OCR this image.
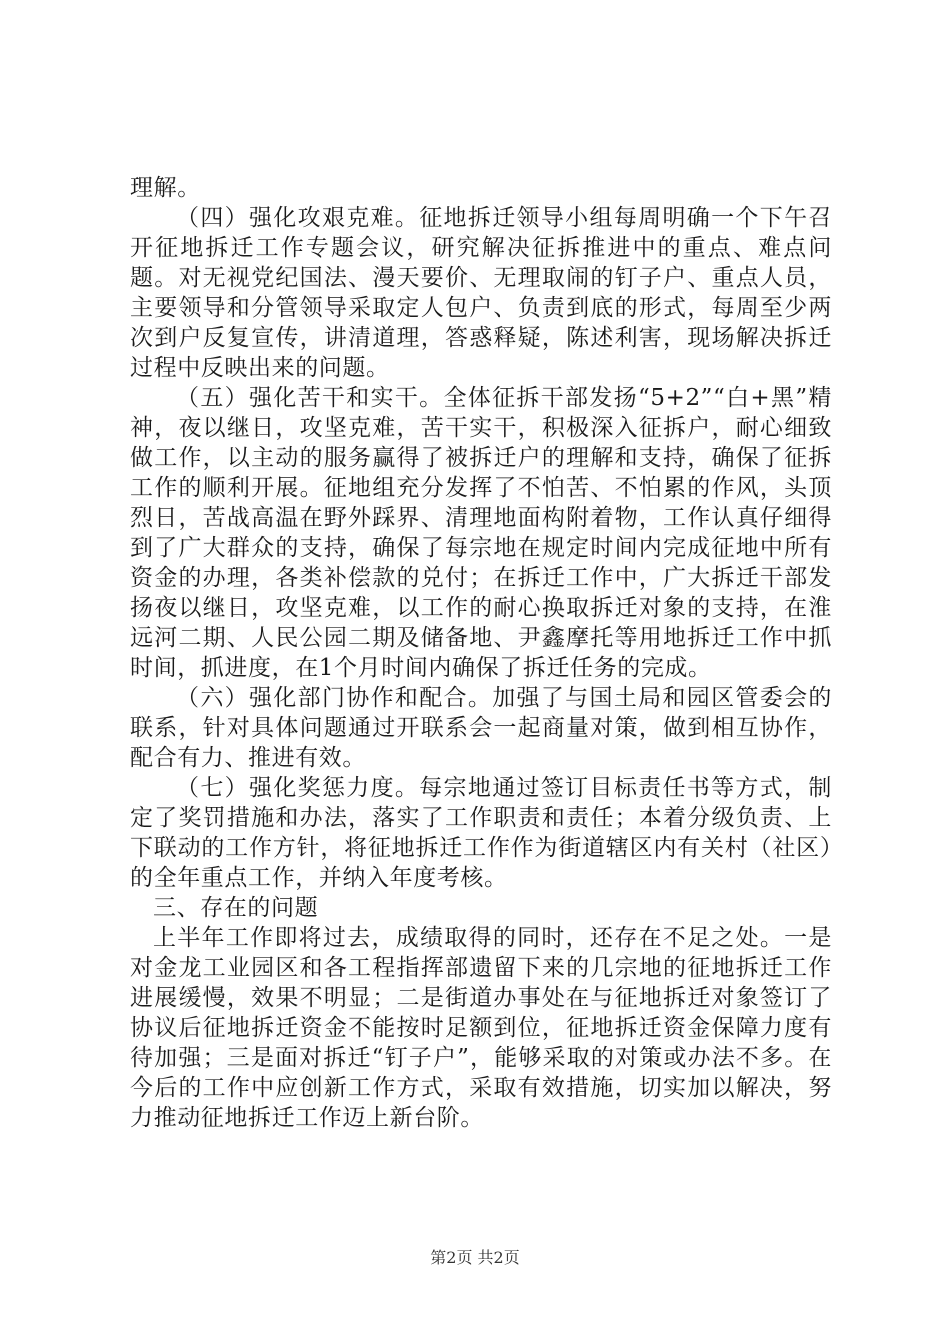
理解。

（四）强化攻艰克难。征地拆迁领导小组每周明确一个下午召开征地拆迁工作专题会议，研究解决征拆推进中的重点、难点问题。对无视党纪国法、漫天要价、无理取闹的钉子户、重点人员，主要领导和分管领导采取定人包户、负责到底的形式，每周至少两次到户反复宣传，讲清道理，答惑释疑，陈述利害，现场解决拆迁过程中反映出来的问题。

（五）强化苦干和实干。全体征拆干部发扬“5+2”“白+黑”精神，夜以继日，攻坚克难，苦干实干，积极深入征拆户，耐心细致做工作，以主动的服务赢得了被拆迁户的理解和支持，确保了征拆工作的顺利开展。征地组充分发挥了不怕苦、不怕累的作风，头顶烈日，苦战高温在野外踩界、清理地面构附着物，工作认真仔细得到了广大群众的支持，确保了每宗地在规定时间内完成征地中所有资金的办理，各类补偿款的兑付；在拆迁工作中，广大拆迁干部发扬夜以继日，攻坚克难，以工作的耐心换取拆迁对象的支持，在淮远河二期、人民公园二期及储备地、尹鑫摩托等用地拆迁工作中抓时间，抓进度，在1个月时间内确保了拆迁任务的完成。

（六）强化部门协作和配合。加强了与国土局和园区管委会的联系，针对具体问题通过开联系会一起商量对策，做到相互协作，配合有力、推进有效。

（七）强化奖惩力度。每宗地通过签订目标责任书等方式，制定了奖罚措施和办法，落实了工作职责和责任；本着分级负责、上下联动的工作方针，将征地拆迁工作作为街道辖区内有关村（社区）的全年重点工作，并纳入年度考核。

三、存在的问题

上半年工作即将过去，成绩取得的同时，还存在不足之处。一是对金龙工业园区和各工程指挥部遗留下来的几宗地的征地拆迁工作进展缓慢，效果不明显；二是街道办事处在与征地拆迁对象签订了协议后征地拆迁资金不能按时足额到位，征地拆迁资金保障力度有待加强；三是面对拆迁“钉子户”，能够采取的对策或办法不多。在今后的工作中应创新工作方式，采取有效措施，切实加以解决，努力推动征地拆迁工作迈上新台阶。

第2页 共2页
